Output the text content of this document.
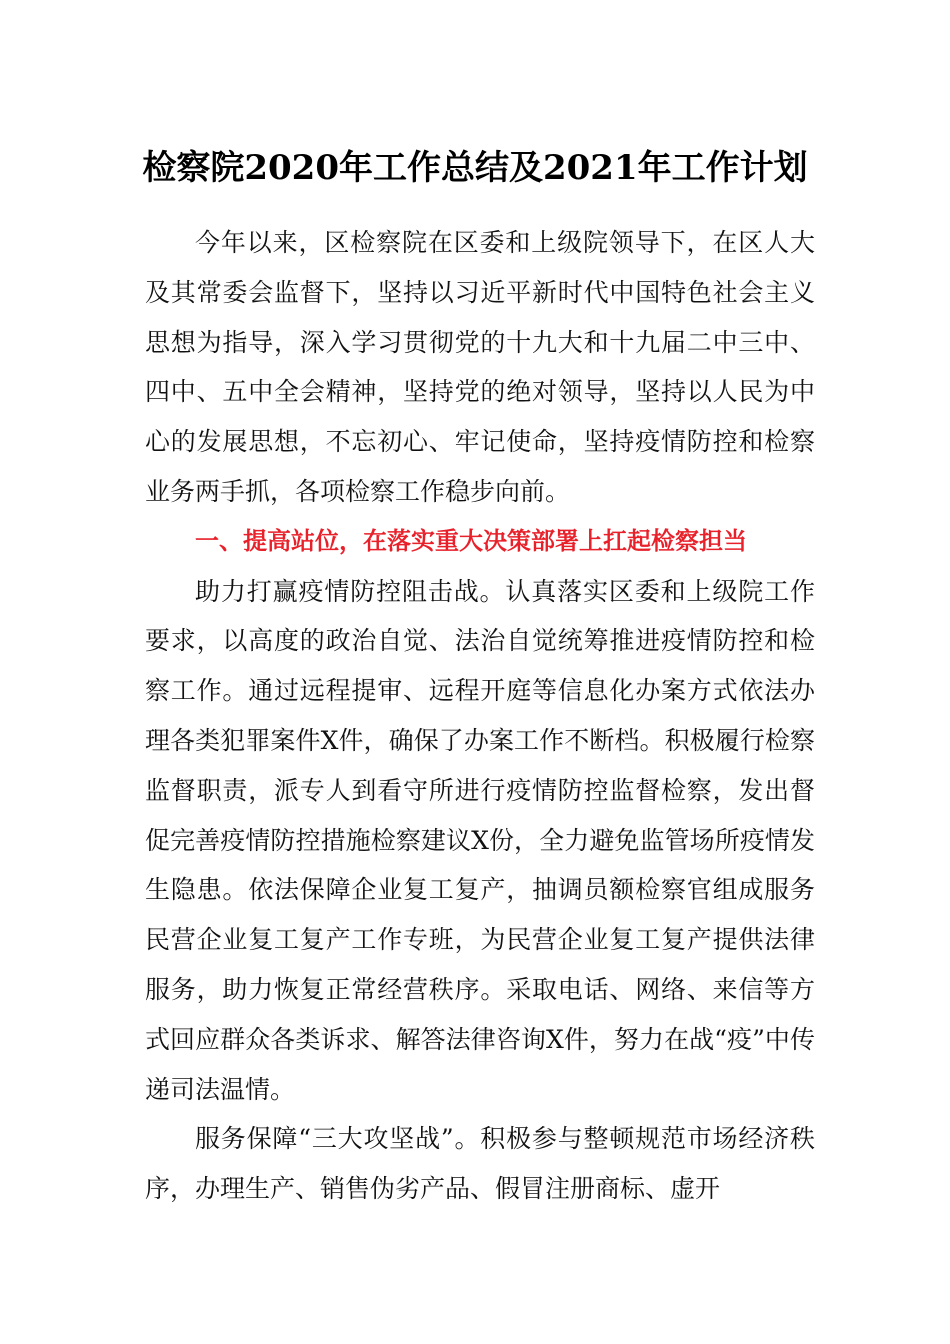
检察院2020年工作总结及2021年工作计划

今年以来，区检察院在区委和上级院领导下，在区人大及其常委会监督下，坚持以习近平新时代中国特色社会主义思想为指导，深入学习贯彻党的十九大和十九届二中三中、四中、五中全会精神，坚持党的绝对领导，坚持以人民为中心的发展思想，不忘初心、牢记使命，坚持疫情防控和检察业务两手抓，各项检察工作稳步向前。

一、提高站位，在落实重大决策部署上扛起检察担当

助力打赢疫情防控阻击战。认真落实区委和上级院工作要求，以高度的政治自觉、法治自觉统筹推进疫情防控和检察工作。通过远程提审、远程开庭等信息化办案方式依法办理各类犯罪案件X件，确保了办案工作不断档。积极履行检察监督职责，派专人到看守所进行疫情防控监督检察，发出督促完善疫情防控措施检察建议X份，全力避免监管场所疫情发生隐患。依法保障企业复工复产，抽调员额检察官组成服务民营企业复工复产工作专班，为民营企业复工复产提供法律服务，助力恢复正常经营秩序。采取电话、网络、来信等方式回应群众各类诉求、解答法律咨询X件，努力在战“疫”中传递司法温情。

服务保障“三大攻坚战”。积极参与整顿规范市场经济秩序，办理生产、销售伪劣产品、假冒注册商标、虚开
